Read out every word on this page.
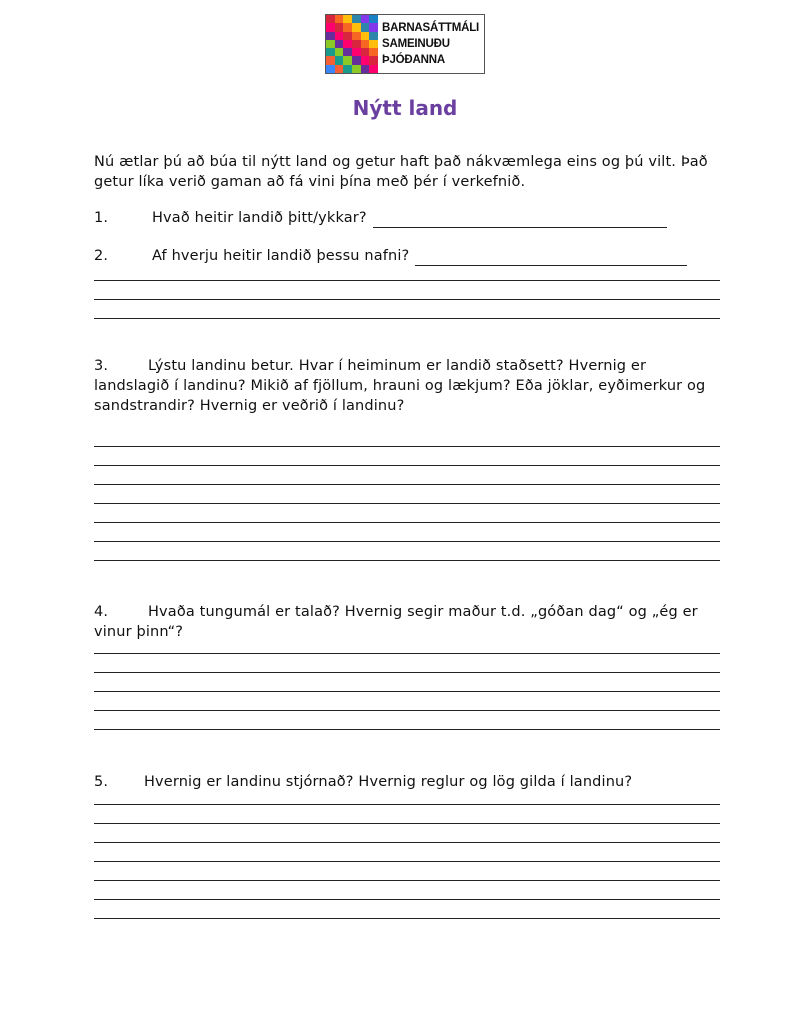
BARNASÁTTMÁLI
SAMEINUÐU
ÞJÓÐANNA
Nýtt land
Nú ætlar þú að búa til nýtt land og getur haft það nákvæmlega eins og þú vilt. Það getur líka verið gaman að fá vini þína með þér í verkefnið.
1.	Hvað heitir landið þitt/ykkar?
2.	Af hverju heitir landið þessu nafni?
3.	Lýstu landinu betur. Hvar í heiminum er landið staðsett? Hvernig er landslagið í landinu? Mikið af fjöllum, hrauni og lækjum? Eða jöklar, eyðimerkur og sandstrandir? Hvernig er veðrið í landinu?
4.	Hvaða tungumál er talað? Hvernig segir maður t.d. „góðan dag“ og „ég er vinur þinn“?
5. Hvernig er landinu stjórnað? Hvernig reglur og lög gilda í landinu?
